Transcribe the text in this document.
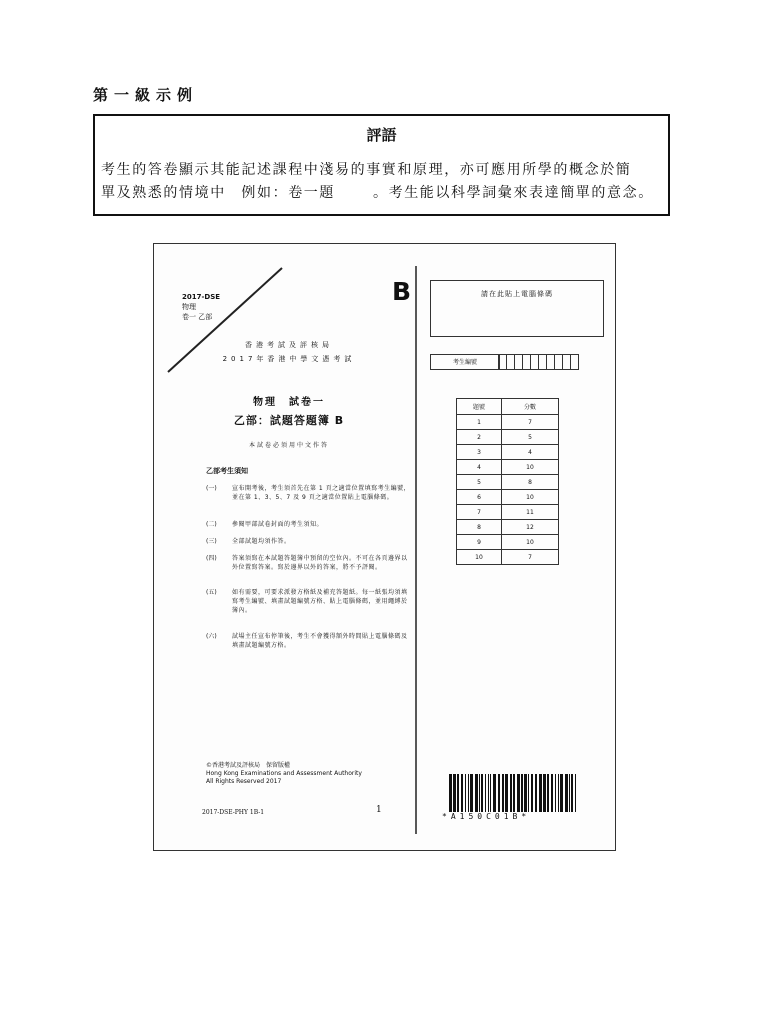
第一級示例
評語
考生的答卷顯示其能記述課程中淺易的事實和原理，亦可應用所學的概念於簡
單及熟悉的情境中　例如：卷一題	。考生能以科學詞彙來表達簡單的意念。
2017-DSE
物理
卷一 乙部
B
香港考試及評核局
2017年香港中學文憑考試
物理　試卷一
乙部：試題答題簿 B
本試卷必須用中文作答
乙部考生須知
(一)	宣布開考後，考生須首先在第 1 頁之適當位置填寫考生編號，並在第 1、3、5、7 及 9 頁之適當位置貼上電腦條碼。
(二)	參閱甲部試卷封面的考生須知。
(三)	全部試題均須作答。
(四)	答案須寫在本試題答題簿中預留的空位內。不可在各頁邊界以外位置寫答案。寫於邊界以外的答案，將不予評閱。
(五)	如有需要，可要求派發方格紙及補充答題紙。每一紙張均須填寫考生編號、填畫試題編號方格、貼上電腦條碼，並用繩縛於簿內。
(六)	試場主任宣布停筆後，考生不會獲得額外時間貼上電腦條碼及填畫試題編號方格。
©香港考試及評核局　保留版權
Hong Kong Examinations and Assessment Authority
All Rights Reserved 2017
2017-DSE-PHY 1B-1	1
請在此貼上電腦條碼
考生編號
題號	分數
1	7
2	5
3	4
4	10
5	8
6	10
7	11
8	12
9	10
10	7
*A150C01B*
